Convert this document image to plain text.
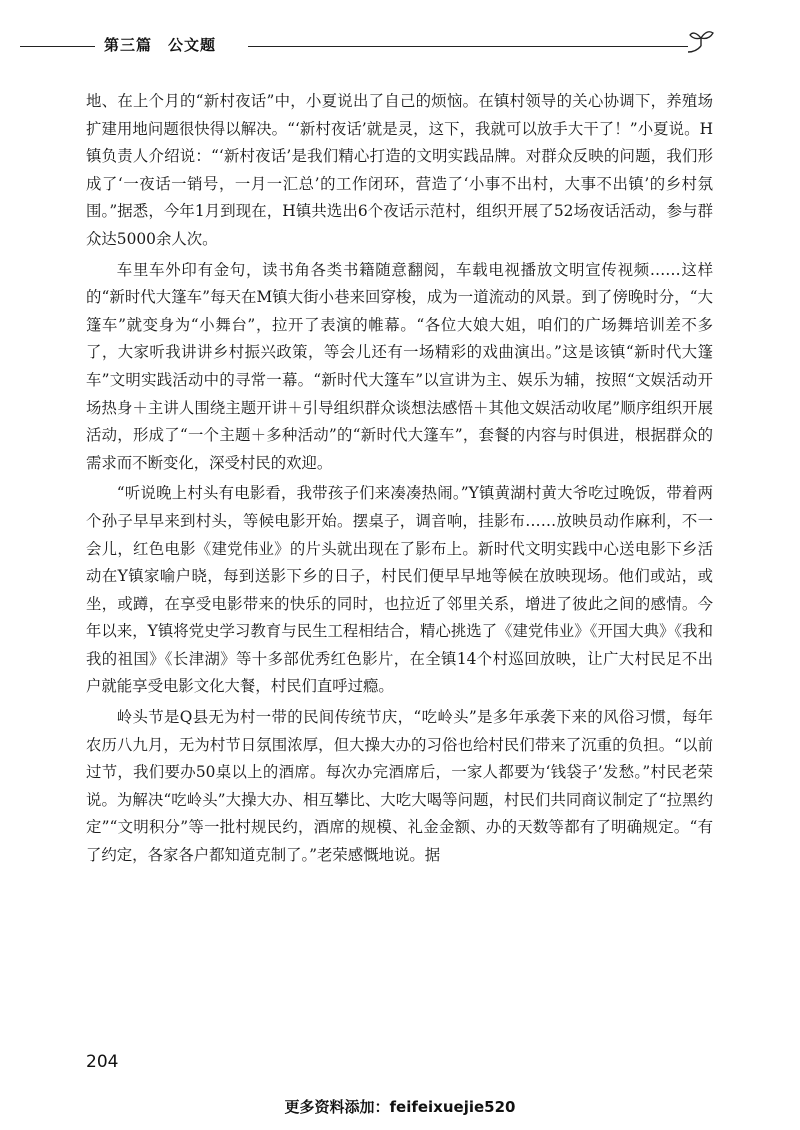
第三篇　公文题

地、在上个月的“新村夜话”中，小夏说出了自己的烦恼。在镇村领导的关心协调下，养殖场扩建用地问题很快得以解决。“‘新村夜话’就是灵，这下，我就可以放手大干了！”小夏说。H镇负责人介绍说：“‘新村夜话’是我们精心打造的文明实践品牌。对群众反映的问题，我们形成了‘一夜话一销号，一月一汇总’的工作闭环，营造了‘小事不出村，大事不出镇’的乡村氛围。”据悉，今年1月到现在，H镇共选出6个夜话示范村，组织开展了52场夜话活动，参与群众达5000余人次。

车里车外印有金句，读书角各类书籍随意翻阅，车载电视播放文明宣传视频……这样的“新时代大篷车”每天在M镇大街小巷来回穿梭，成为一道流动的风景。到了傍晚时分，“大篷车”就变身为“小舞台”，拉开了表演的帷幕。“各位大娘大姐，咱们的广场舞培训差不多了，大家听我讲讲乡村振兴政策，等会儿还有一场精彩的戏曲演出。”这是该镇“新时代大篷车”文明实践活动中的寻常一幕。“新时代大篷车”以宣讲为主、娱乐为辅，按照“文娱活动开场热身＋主讲人围绕主题开讲＋引导组织群众谈想法感悟＋其他文娱活动收尾”顺序组织开展活动，形成了“一个主题＋多种活动”的“新时代大篷车”，套餐的内容与时俱进，根据群众的需求而不断变化，深受村民的欢迎。

“听说晚上村头有电影看，我带孩子们来凑凑热闹。”Y镇黄湖村黄大爷吃过晚饭，带着两个孙子早早来到村头，等候电影开始。摆桌子，调音响，挂影布……放映员动作麻利，不一会儿，红色电影《建党伟业》的片头就出现在了影布上。新时代文明实践中心送电影下乡活动在Y镇家喻户晓，每到送影下乡的日子，村民们便早早地等候在放映现场。他们或站，或坐，或蹲，在享受电影带来的快乐的同时，也拉近了邻里关系，增进了彼此之间的感情。今年以来，Y镇将党史学习教育与民生工程相结合，精心挑选了《建党伟业》《开国大典》《我和我的祖国》《长津湖》等十多部优秀红色影片，在全镇14个村巡回放映，让广大村民足不出户就能享受电影文化大餐，村民们直呼过瘾。

岭头节是Q县无为村一带的民间传统节庆，“吃岭头”是多年承袭下来的风俗习惯，每年农历八九月，无为村节日氛围浓厚，但大操大办的习俗也给村民们带来了沉重的负担。“以前过节，我们要办50桌以上的酒席。每次办完酒席后，一家人都要为‘钱袋子’发愁。”村民老荣说。为解决“吃岭头”大操大办、相互攀比、大吃大喝等问题，村民们共同商议制定了“拉黑约定”“文明积分”等一批村规民约，酒席的规模、礼金金额、办的天数等都有了明确规定。“有了约定，各家各户都知道克制了。”老荣感慨地说。据

204
更多资料添加：feifeixuejie520
